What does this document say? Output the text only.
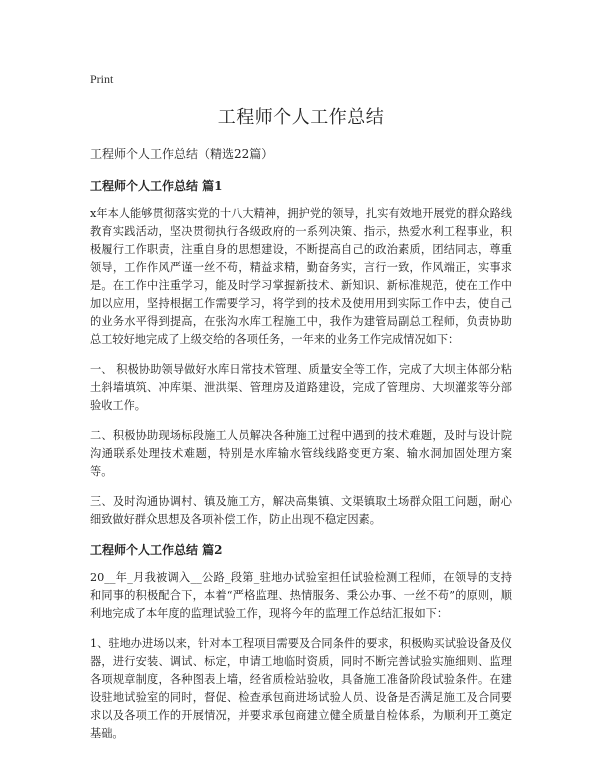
Print
工程师个人工作总结

工程师个人工作总结（精选22篇）

工程师个人工作总结 篇1

x年本人能够贯彻落实党的十八大精神，拥护党的领导，扎实有效地开展党的群众路线教育实践活动，坚决贯彻执行各级政府的一系列决策、指示，热爱水利工程事业，积极履行工作职责，注重自身的思想建设，不断提高自己的政治素质，团结同志，尊重领导，工作作风严谨一丝不苟，精益求精，勤奋务实，言行一致，作风端正，实事求是。在工作中注重学习，能及时学习掌握新技术、新知识、新标准规范，使在工作中加以应用，坚持根据工作需要学习，将学到的技术及使用用到实际工作中去，使自己的业务水平得到提高，在张沟水库工程施工中，我作为建管局副总工程师，负责协助总工较好地完成了上级交给的各项任务，一年来的业务工作完成情况如下：

一、 积极协助领导做好水库日常技术管理、质量安全等工作，完成了大坝主体部分粘土斜墙填筑、冲库渠、泄洪渠、管理房及道路建设，完成了管理房、大坝灌浆等分部验收工作。

二、积极协助现场标段施工人员解决各种施工过程中遇到的技术难题，及时与设计院沟通联系处理技术难题，特别是水库输水管线线路变更方案、输水洞加固处理方案等。

三、及时沟通协调村、镇及施工方，解决高集镇、文渠镇取土场群众阻工问题，耐心细致做好群众思想及各项补偿工作，防止出现不稳定因素。

工程师个人工作总结 篇2

20__年_月我被调入__公路_段第_驻地办试验室担任试验检测工程师，在领导的支持和同事的积极配合下，本着“严格监理、热情服务、秉公办事、一丝不苟”的原则，顺利地完成了本年度的监理试验工作，现将今年的监理工作总结汇报如下：

1、驻地办进场以来，针对本工程项目需要及合同条件的要求，积极购买试验设备及仪器，进行安装、调试、标定，申请工地临时资质，同时不断完善试验实施细则、监理各项规章制度，各种图表上墙，经省质检站验收，具备施工准备阶段试验条件。在建设驻地试验室的同时，督促、检查承包商进场试验人员、设备是否满足施工及合同要求以及各项工作的开展情况，并要求承包商建立健全质量自检体系，为顺利开工奠定基础。
